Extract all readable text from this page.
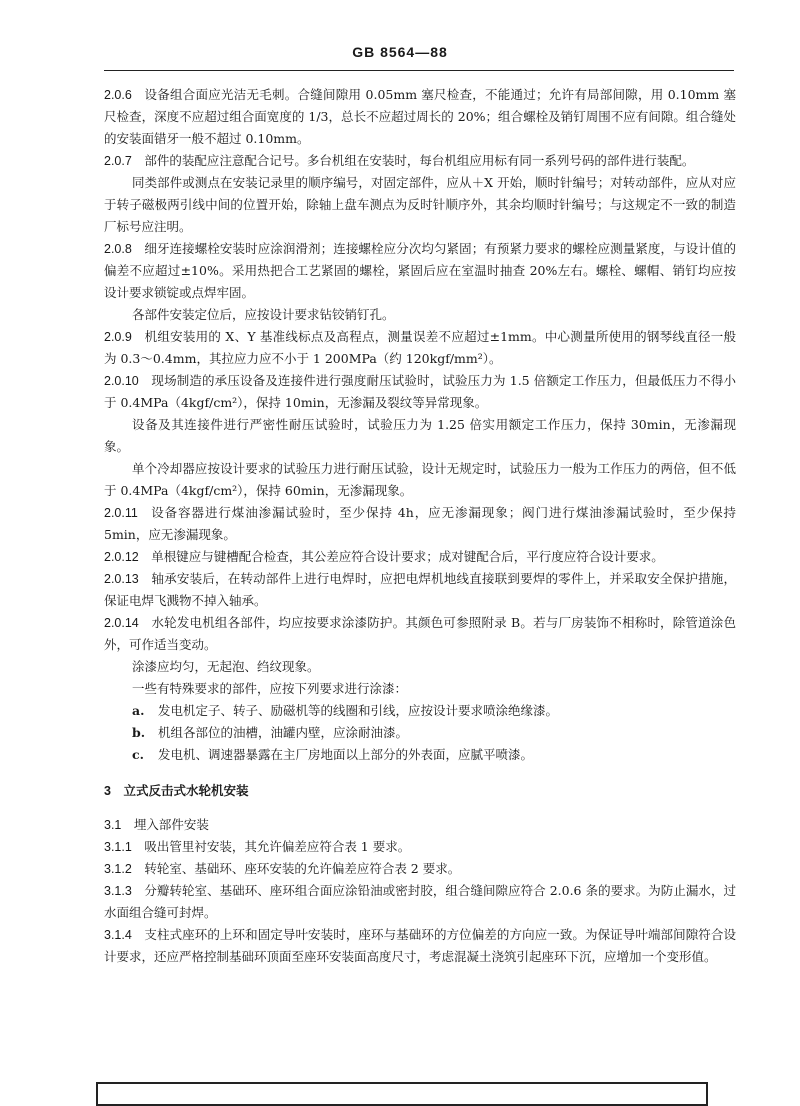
GB 8564—88

2.0.6  设备组合面应光洁无毛刺。合缝间隙用 0.05mm 塞尺检查，不能通过；允许有局部间隙，用 0.10mm 塞尺检查，深度不应超过组合面宽度的 1/3，总长不应超过周长的 20%；组合螺栓及销钉周围不应有间隙。组合缝处的安装面错牙一般不超过 0.10mm。

2.0.7  部件的装配应注意配合记号。多台机组在安装时，每台机组应用标有同一系列号码的部件进行装配。

同类部件或测点在安装记录里的顺序编号，对固定部件，应从＋X 开始，顺时针编号；对转动部件，应从对应于转子磁极两引线中间的位置开始，除轴上盘车测点为反时针顺序外，其余均顺时针编号；与这规定不一致的制造厂标号应注明。

2.0.8  细牙连接螺栓安装时应涂润滑剂；连接螺栓应分次均匀紧固；有预紧力要求的螺栓应测量紧度，与设计值的偏差不应超过±10%。采用热把合工艺紧固的螺栓，紧固后应在室温时抽查 20%左右。螺栓、螺帽、销钉均应按设计要求锁锭或点焊牢固。

各部件安装定位后，应按设计要求钻铰销钉孔。

2.0.9  机组安装用的 X、Y 基准线标点及高程点，测量误差不应超过±1mm。中心测量所使用的钢琴线直径一般为 0.3～0.4mm，其拉应力应不小于 1 200MPa（约 120kgf/mm²）。

2.0.10  现场制造的承压设备及连接件进行强度耐压试验时，试验压力为 1.5 倍额定工作压力，但最低压力不得小于 0.4MPa（4kgf/cm²），保持 10min，无渗漏及裂纹等异常现象。

设备及其连接件进行严密性耐压试验时，试验压力为 1.25 倍实用额定工作压力，保持 30min，无渗漏现象。

单个冷却器应按设计要求的试验压力进行耐压试验，设计无规定时，试验压力一般为工作压力的两倍，但不低于 0.4MPa（4kgf/cm²），保持 60min，无渗漏现象。

2.0.11  设备容器进行煤油渗漏试验时，至少保持 4h，应无渗漏现象；阀门进行煤油渗漏试验时，至少保持 5min，应无渗漏现象。

2.0.12  单根键应与键槽配合检查，其公差应符合设计要求；成对键配合后，平行度应符合设计要求。

2.0.13  轴承安装后，在转动部件上进行电焊时，应把电焊机地线直接联到要焊的零件上，并采取安全保护措施，保证电焊飞溅物不掉入轴承。

2.0.14  水轮发电机组各部件，均应按要求涂漆防护。其颜色可参照附录 B。若与厂房装饰不相称时，除管道涂色外，可作适当变动。

涂漆应均匀，无起泡、绉纹现象。

一些有特殊要求的部件，应按下列要求进行涂漆：

a.	发电机定子、转子、励磁机等的线圈和引线，应按设计要求喷涂绝缘漆。

b.	机组各部位的油槽，油罐内壁，应涂耐油漆。

c.	发电机、调速器暴露在主厂房地面以上部分的外表面，应腻平喷漆。

3　立式反击式水轮机安装

3.1  埋入部件安装

3.1.1  吸出管里衬安装，其允许偏差应符合表 1 要求。

3.1.2  转轮室、基础环、座环安装的允许偏差应符合表 2 要求。

3.1.3  分瓣转轮室、基础环、座环组合面应涂铅油或密封胶，组合缝间隙应符合 2.0.6 条的要求。为防止漏水，过水面组合缝可封焊。

3.1.4  支柱式座环的上环和固定导叶安装时，座环与基础环的方位偏差的方向应一致。为保证导叶端部间隙符合设计要求，还应严格控制基础环顶面至座环安装面高度尺寸，考虑混凝土浇筑引起座环下沉，应增加一个变形值。
